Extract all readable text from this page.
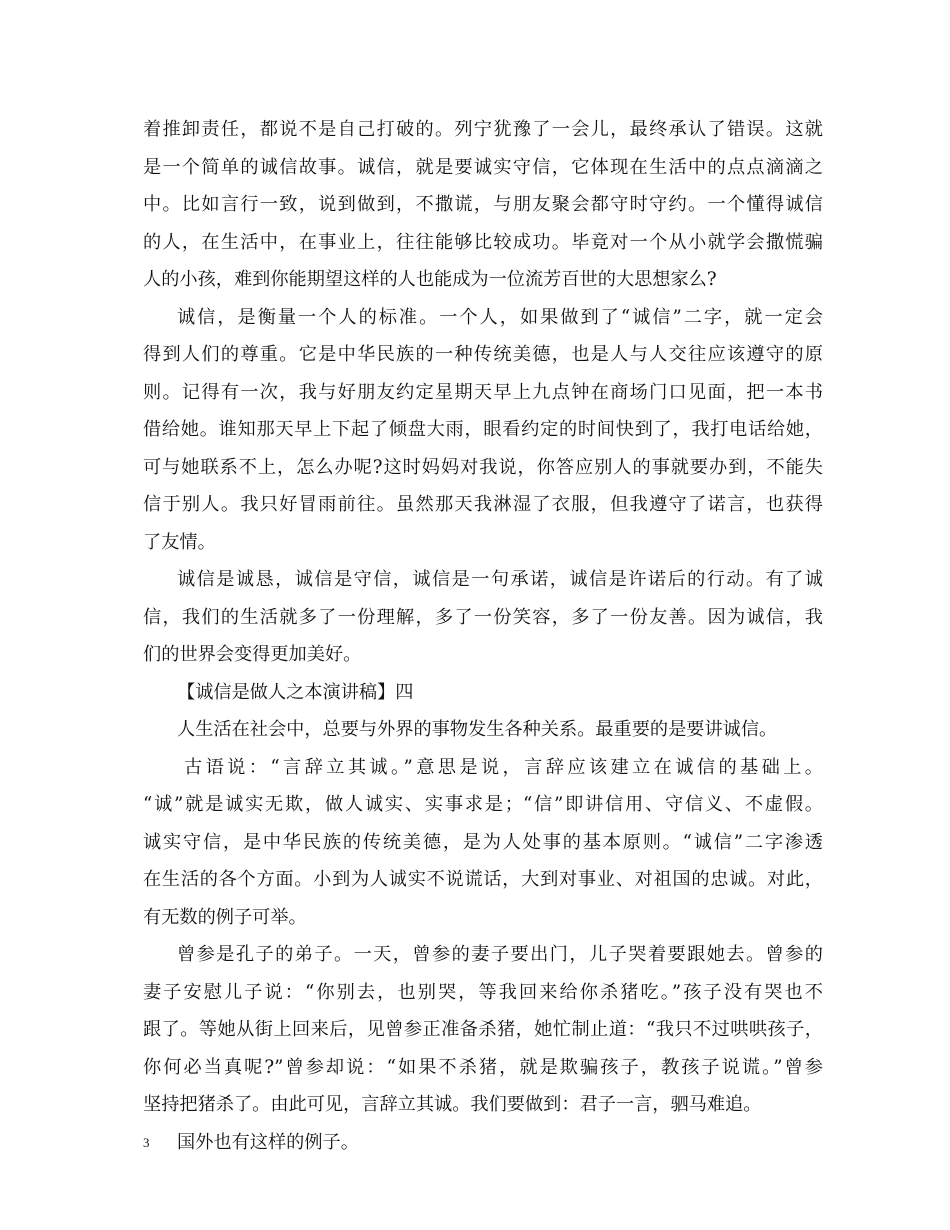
着推卸责任，都说不是自己打破的。列宁犹豫了一会儿，最终承认了错误。这就
是一个简单的诚信故事。诚信，就是要诚实守信，它体现在生活中的点点滴滴之
中。比如言行一致，说到做到，不撒谎，与朋友聚会都守时守约。一个懂得诚信
的人，在生活中，在事业上，往往能够比较成功。毕竟对一个从小就学会撒慌骗
人的小孩，难到你能期望这样的人也能成为一位流芳百世的大思想家么?
诚信，是衡量一个人的标准。一个人，如果做到了“诚信”二字，就一定会
得到人们的尊重。它是中华民族的一种传统美德，也是人与人交往应该遵守的原
则。记得有一次，我与好朋友约定星期天早上九点钟在商场门口见面，把一本书
借给她。谁知那天早上下起了倾盘大雨，眼看约定的时间快到了，我打电话给她，
可与她联系不上，怎么办呢?这时妈妈对我说，你答应别人的事就要办到，不能失
信于别人。我只好冒雨前往。虽然那天我淋湿了衣服，但我遵守了诺言，也获得
了友情。
诚信是诚恳，诚信是守信，诚信是一句承诺，诚信是许诺后的行动。有了诚
信，我们的生活就多了一份理解，多了一份笑容，多了一份友善。因为诚信，我
们的世界会变得更加美好。
【诚信是做人之本演讲稿】四
人生活在社会中，总要与外界的事物发生各种关系。最重要的是要讲诚信。
古语说：“言辞立其诚。”意思是说，言辞应该建立在诚信的基础上。
“诚”就是诚实无欺，做人诚实、实事求是；“信”即讲信用、守信义、不虚假。
诚实守信，是中华民族的传统美德，是为人处事的基本原则。“诚信”二字渗透
在生活的各个方面。小到为人诚实不说谎话，大到对事业、对祖国的忠诚。对此，
有无数的例子可举。
曾参是孔子的弟子。一天，曾参的妻子要出门，儿子哭着要跟她去。曾参的
妻子安慰儿子说：“你别去，也别哭，等我回来给你杀猪吃。”孩子没有哭也不
跟了。等她从街上回来后，见曾参正准备杀猪，她忙制止道：“我只不过哄哄孩子，
你何必当真呢?”曾参却说：“如果不杀猪，就是欺骗孩子，教孩子说谎。”曾参
坚持把猪杀了。由此可见，言辞立其诚。我们要做到：君子一言，驷马难追。
国外也有这样的例子。
3
